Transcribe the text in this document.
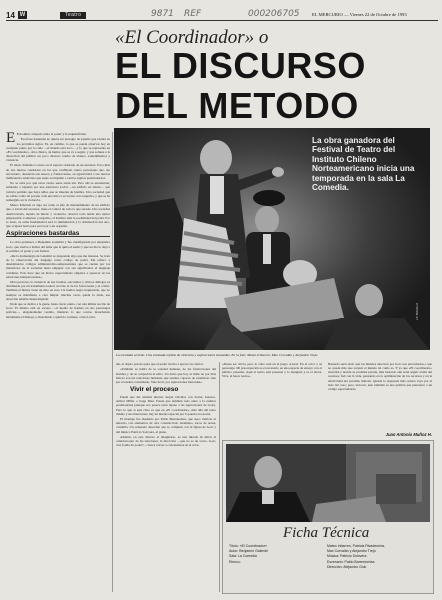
14 W	Teatro	9871 REF	000206705	EL MERCURIO — Viernes 22 de Octubre de 1993
«El Coordinador» o
EL DISCURSO
DEL METODO
La obra ganadora del Festival de Teatro del Instituto Chileno Norteamericano inicia una temporada en la sala La Comedia.
J.P. BONALLO
La escalada al éxito. Una escalada repleta de violencia y aspiraciones bastardas. En la foto: Mateo Iribarren, Max Corvalán y Alejandro Trejo.

E El hombre atrapado entre el poder y la esquizofrenia.

Esa frase tremenda no quiere ser presagio de aquello que vendrá en los próximos siglos. Es, en cambio, lo que se puede observar hoy en cualquier punto por la calle —el mundo está loco— y lo que se representa en «El coordinador», obra clásica, de humor que se va a seguir, y que somete a la discreción del público un poco discreto caudro de abusos, sometimientos y violencia.

El relato dramático ocurre en el espacio reducido de un ascensor. Poco más de dos metros cuadrados en los que confluyen cuatro personajes que, sin enconrarlo, desatarán sus anseos y frustraciones, su agresividad o sus nuevas indiferencia relativista que suele acompañar a ciertos sujetos postmodernos.

No se sabe por qué estos cuatro seres están ahí. Pero allí se encuentran, subiendo o bajando por una estructura social —un edificio en ruinas— que todavía permite que haya niños que se mueren de hambre. Una sociedad que no existe como tal porque cada uno mira a su vecino con sospecha, y que se ha sumergido en la violencia.

Mateo Iribarren es algo así como el jefe de mantenimiento de un edificio que, a través del ascensor, tiene el control de todo lo que sucede. Una sociedad desmoronada, repleta de miedo y violencia, observa todo desde una óptica empresarial. Canturreo y negativo, el hombre ama la posibilidad del poder. Por lo tanto, su arma fundamental será la intimidación y la dominación del otro, que ocupará hasta para provocar a un orgasmo.

Aspiraciones bastardas

La obra pertenece a Benjamín Galemiri y fue transfigurada por Alejandro Goic, que vuelve a hablar del tema que le quita el sueño y que un día lo dejó a la sombra: el poder y sus formas.

«De la dramaturgia de Galemiri se desprende algo que me interesa. Se trata de la observación del lenguaje como código de poder. Me refiero a determinados códigos administrativo-empresariales que se cuelan por los intersticios de la sociedad hasta empapar con sus significados el lenguaje cotidiano. Esto hace que un léxico especializado empiece a aparecer en las relaciones interpersonales».

Obra perversa, la violencia de sus bromas, sarcasmos y cínicos diálogos es distribuida por un tratamiento teatral cercano al de las fotonovelas y el comic. También el humor tiene un sitio en esto. Un humor negro inquietante, que no siempre se manifiesta a cara limpia: muchas veces queda la duda, esa atracción amable desprestigiada.

Dada que se dedica a la gente, hasta cierto punto, con una última noción de Goic: El mismo está en escena —el medio de Kamea en sus personajes policías—, elegantemente vestido, mientras lo que ocurre, manchando lentamente el diálogo y ahondando a quien lo sostiene, como Levia-

tán, el objeto preciso para que el poder vuelva a ejercer su control.

«También se habla de la soledad humana, de las frustraciones del hombre y de su ocupación al éxito. Un éxito que hoy se mide no por más felices son las relaciones humanas que seamos capaces de establecer sino por el estatus consumado. Vale decir, por aspiraciones bastardas».

Vivir el proceso

Puede que del análisis ulterior surjan vínculos con Sartre, Ionesco, Arthur Miller o Jorge Díaz. Puede que también todo entre a la estética postmoderna (aunque eso parece estar lejano a las aspiraciones de Goic). Pero lo que sí está claro es que en «El coordinador», más allá del texto mismo y sus menciones, hay un interés especial por la puesta en escena.

El montaje fue diseñado por Pablo Barrenechea, que supo rubricar el emotivo con elementos de otra construcción: andamios, sacos de arena, cartelilla. Un ordenado desorden que se completa con la figura de Goic y del músico Patricio Solovera, al piano.

Además, en este diverso al imaginario, es una mirada de mirar el caleidoscopio de las relaciones, la dirección —que no es un acaso. Goic, otra forma de poder?— busca volver a concentrarse en el actor.

«Puede ser obvio, pero lo claro está en el juego actoral. En el actor y su personaje. Mi preocupación es el escenario en una especie de ensayo con el público presente. Aquí el teatro está presente y lo inaugura y es el ahora. Vive, al hacer teatro».

Bastardo sería decir que los mundos descritos por Goic son encontrados o que no queda más que aceptar el mundo tal como es. Y ya que «El coordinador» invertirá y decide su próxima parada, más bastardo aún sería seguir arriba del ascensor, fiel con la vida, pensando en la optimización de los recursos y en la efectividad del próximo método. Quizás la respuesta más certera vaya por el lado del caso; pero, lectores, éste también es una palabra que pertenece a un código especializado.

Juan Antonio Muñoz H.
Ficha Técnica
Título: «El Coordinador»
Autor: Benjamín Galemiri
Sala: La Comedia
Elenco:
Mateo Iribarren, Patricia Rivadeneira,
Max Corvalán y Alejandro Trejo
Música: Patricio Solovera
Escenario: Pablo Barrenechea
Dirección: Alejandro Goic
